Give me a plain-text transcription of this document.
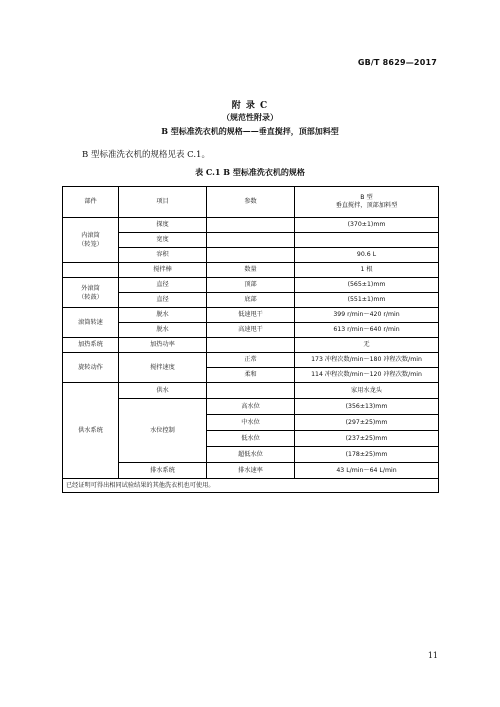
GB/T 8629—2017
附 录 C
（规范性附录）
B 型标准洗衣机的规格——垂直搅拌，顶部加料型
B 型标准洗衣机的规格见表 C.1。
表 C.1 B 型标准洗衣机的规格
部件	项目	参数	B 型
垂直搅拌，顶部加料型

内滚筒
（转笼）	探度		(370±1)mm
	宽度		
	容积		90.6 L
	搅拌棒	数量	1 根

外滚筒
（转鼓）	直径	顶部	(565±1)mm
	直径	底部	(551±1)mm
滚筒转速	脱水	低速甩干	399 r/min～420 r/min
	脱水	高速甩干	613 r/min～640 r/min
加热系统	加热功率		无
旋转动作	搅拌速度	正常	173 冲程次数/min～180 冲程次数/min
		柔和	114 冲程次数/min～120 冲程次数/min
供水系统	供水		家用水龙头
	水位控制	高水位	(356±13)mm
		中水位	(297±25)mm
		低水位	(237±25)mm
		超低水位	(178±25)mm
	排水系统	排水速率	43 L/min～64 L/min
已经证明可得出相同试验结果的其他洗衣机也可使用。			
11
